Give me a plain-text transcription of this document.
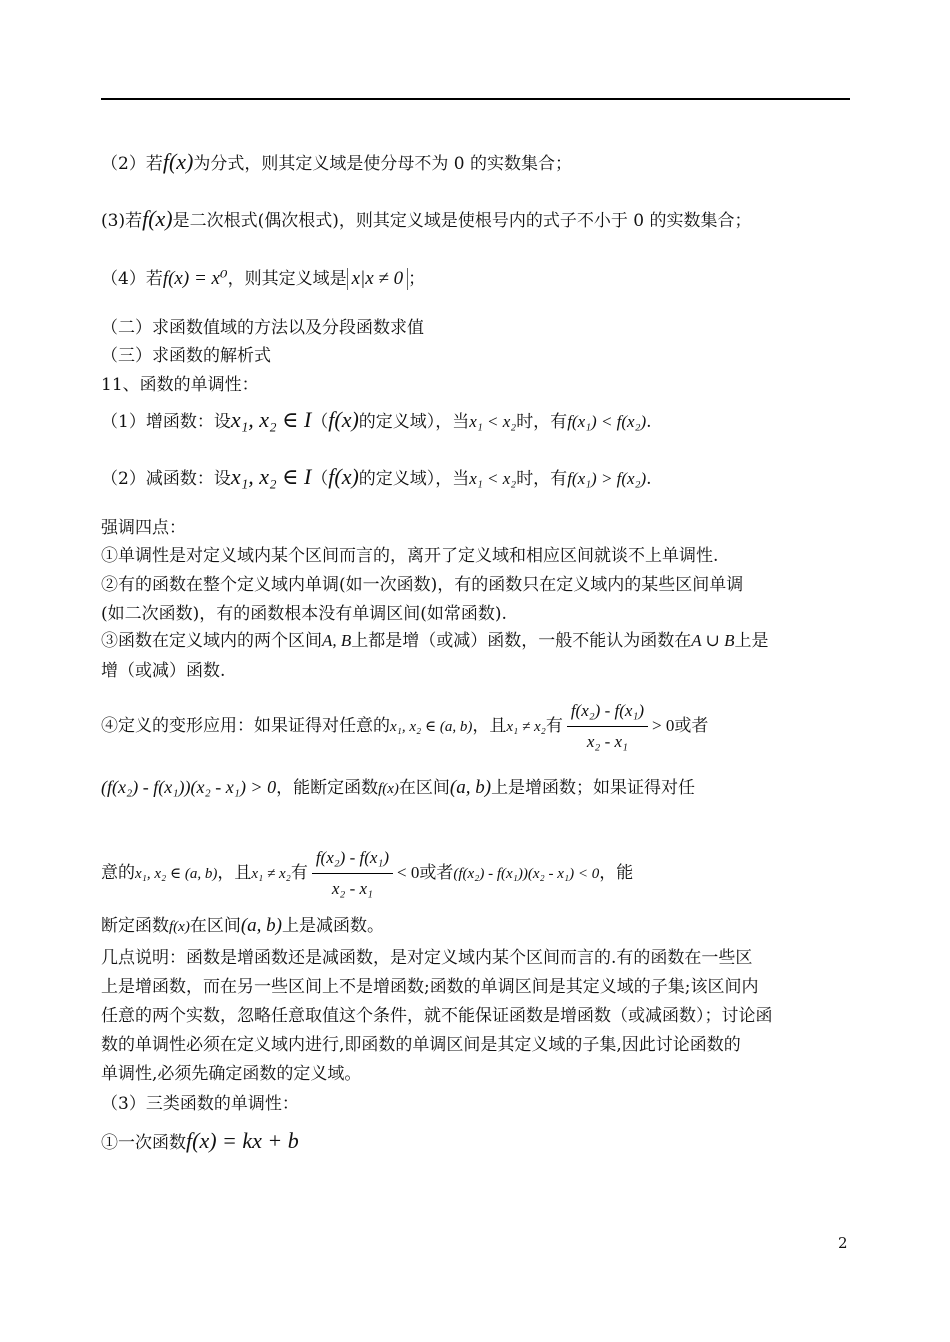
（2）若f(x)为分式，则其定义域是使分母不为 0 的实数集合；
(3)若f(x)是二次根式(偶次根式)，则其定义域是使根号内的式子不小于 0 的实数集合；
（4）若f(x) = x⁰，则其定义域是 x|x ≠ 0 ；
（二）求函数值域的方法以及分段函数求值
（三）求函数的解析式
11、函数的单调性：
（1）增函数：设x₁, x₂ ∈ I（f(x)的定义域），当x₁ < x₂时，有f(x₁) < f(x₂).
（2）减函数：设x₁, x₂ ∈ I（f(x)的定义域），当x₁ < x₂时，有f(x₁) > f(x₂).
强调四点：
①单调性是对定义域内某个区间而言的，离开了定义域和相应区间就谈不上单调性.
②有的函数在整个定义域内单调(如一次函数)，有的函数只在定义域内的某些区间单调
(如二次函数)，有的函数根本没有单调区间(如常函数).
③函数在定义域内的两个区间A, B上都是增（或减）函数，一般不能认为函数在A ∪ B上是
增（或减）函数.
④定义的变形应用：如果证得对任意的x₁, x₂ ∈ (a, b)，且x₁ ≠ x₂有 $\frac{\text{f(x₂) - f(x₁)}}{\text{x₂ - x₁}} > 0$或者
(f(x₂) - f(x₁))(x₂ - x₁) > 0，能断定函数f(x)在区间(a, b)上是增函数；如果证得对任
意的x₁, x₂ ∈ (a, b)，且x₁ ≠ x₂有 $\frac{\text{f(x₂) - f(x₁)}}{\text{x₂ - x₁}} < 0$或者(f(x₂) - f(x₁))(x₂ - x₁) < 0，能
断定函数f(x)在区间(a, b)上是减函数。
几点说明：函数是增函数还是减函数，是对定义域内某个区间而言的.有的函数在一些区
上是增函数，而在另一些区间上不是增函数;函数的单调区间是其定义域的子集;该区间内
任意的两个实数，忽略任意取值这个条件，就不能保证函数是增函数（或减函数）；讨论函
数的单调性必须在定义域内进行,即函数的单调区间是其定义域的子集,因此讨论函数的
单调性,必须先确定函数的定义域。
（3）三类函数的单调性：
①一次函数f(x) = kx + b
2
